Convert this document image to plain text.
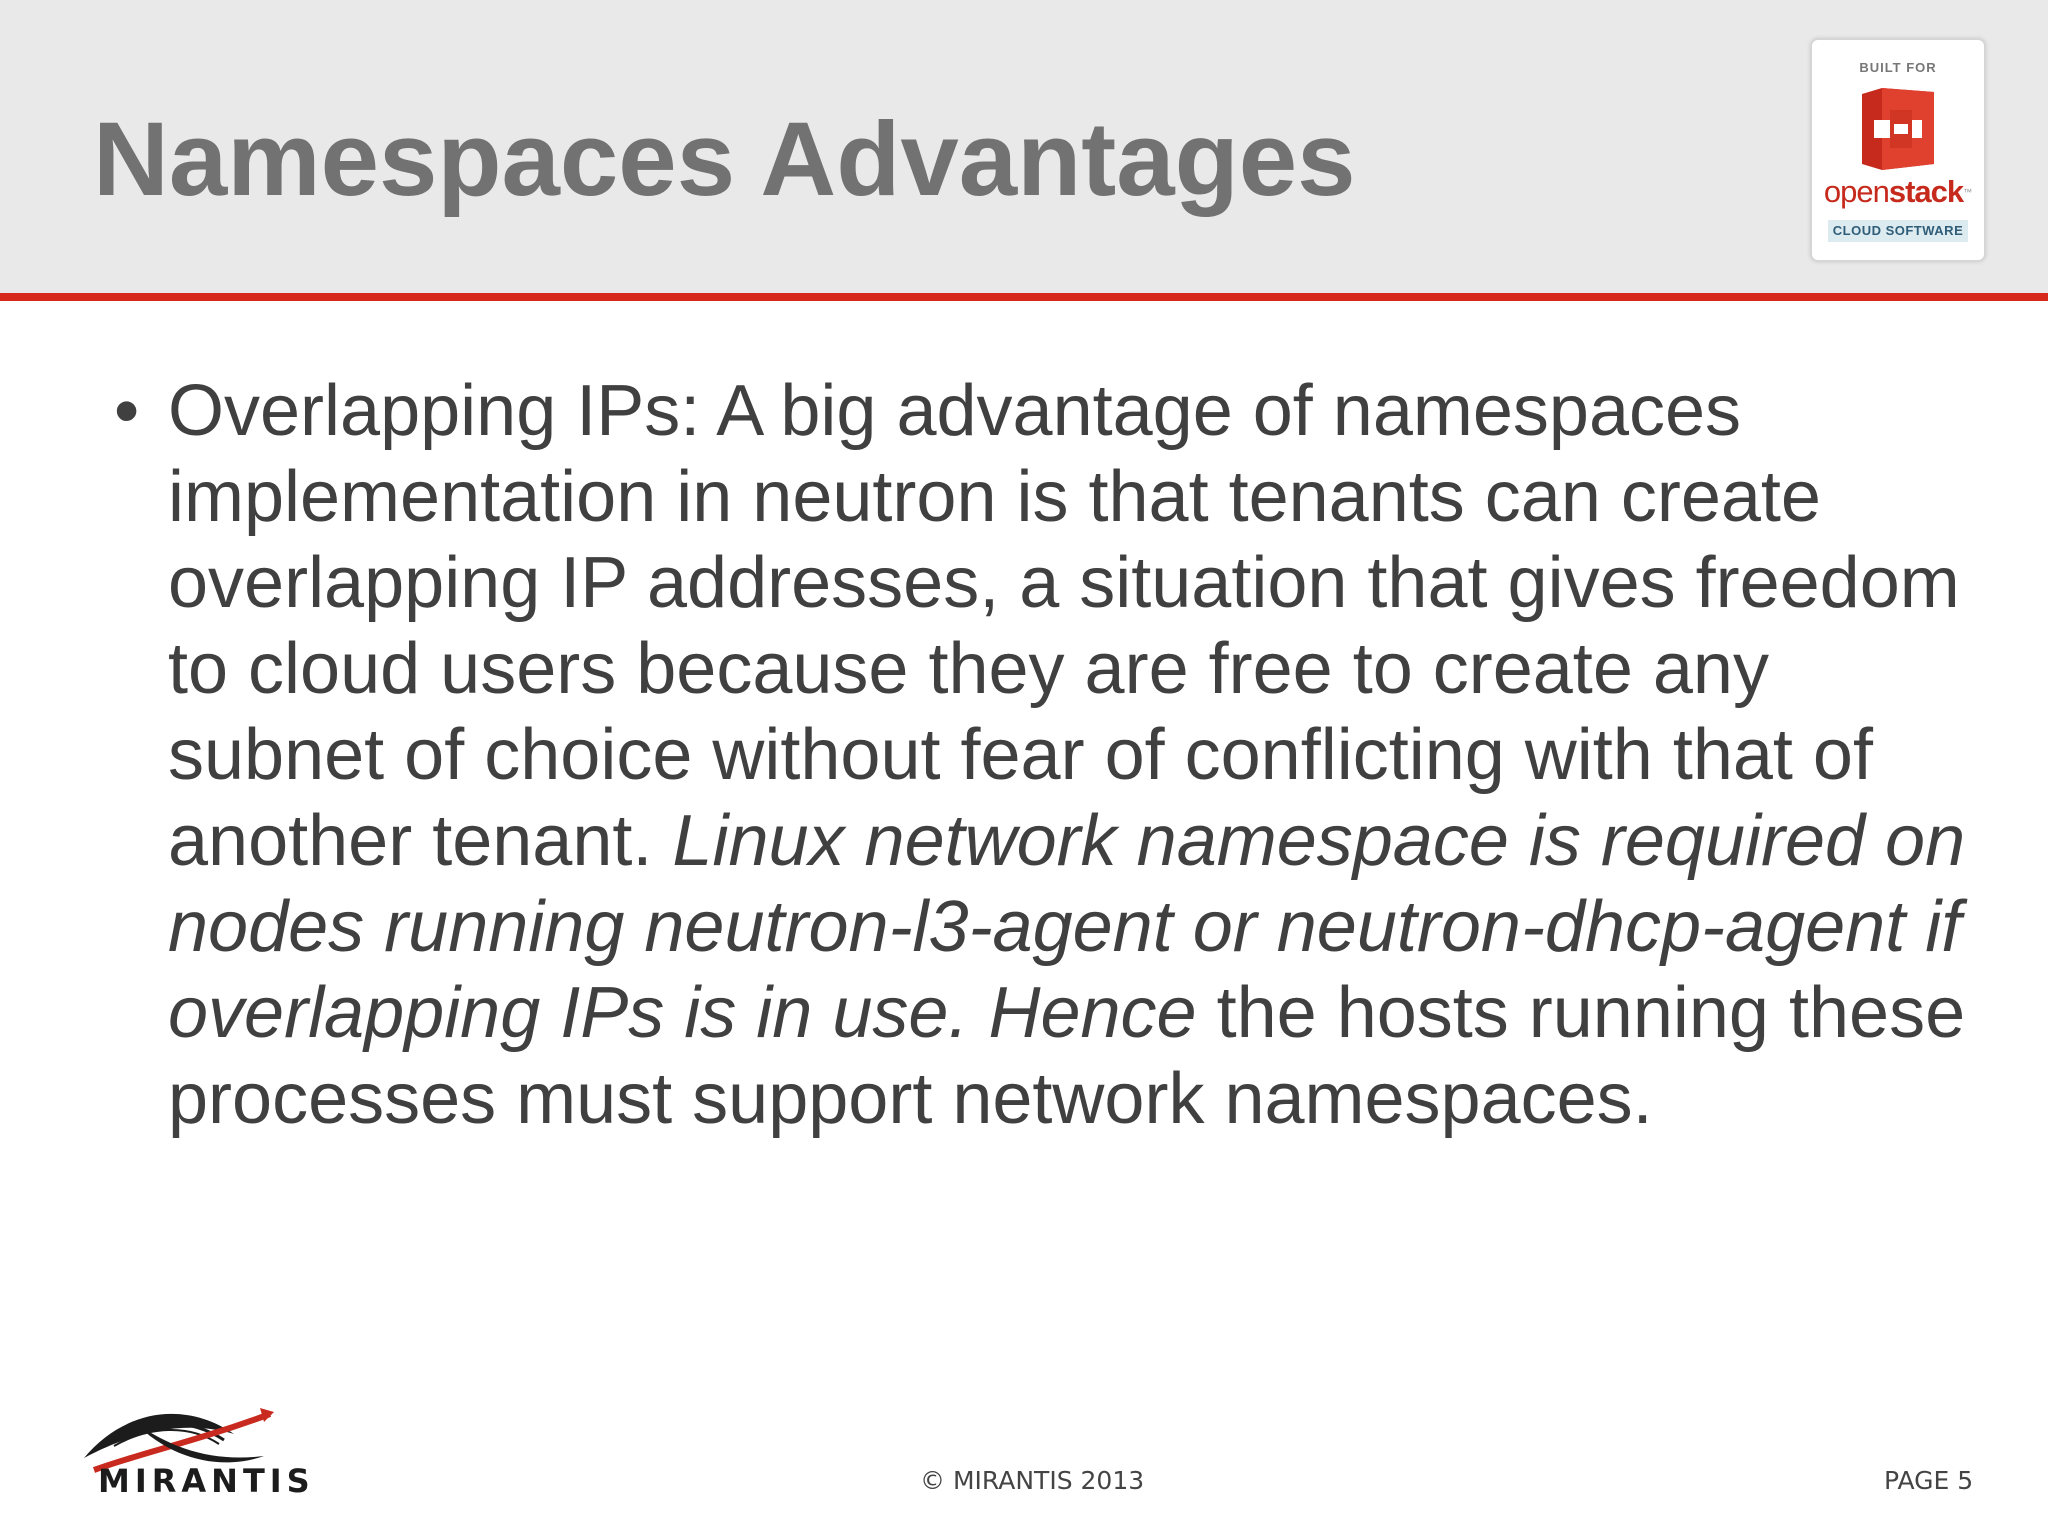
Namespaces Advantages
BUILT FOR
openstack™
CLOUD SOFTWARE
• Overlapping IPs: A big advantage of namespaces implementation in neutron is that tenants can create overlapping IP addresses, a situation that gives freedom to cloud users because they are free to create any subnet of choice without fear of conflicting with that of another tenant. Linux network namespace is required on nodes running neutron-l3-agent or neutron-dhcp-agent if overlapping IPs is in use. Hence the hosts running these processes must support network namespaces.

MIRANTIS	© MIRANTIS 2013	PAGE 5
